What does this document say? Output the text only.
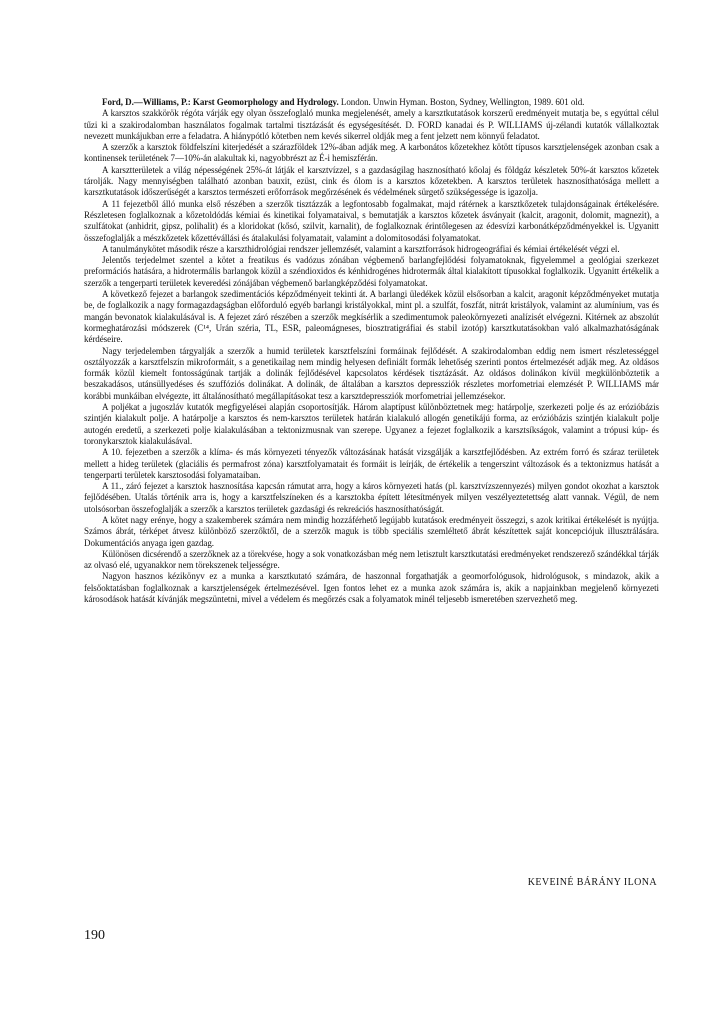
Ford, D.—Williams, P.: Karst Geomorphology and Hydrology. London. Unwin Hyman. Boston, Sydney, Wellington, 1989. 601 old.

A karsztos szakkörök régóta várják egy olyan összefoglaló munka megjelenését, amely a karsztkutatások korszerű eredményeit mutatja be, s egyúttal célul tűzi ki a szakirodalomban használatos fogalmak tartalmi tisztázását és egységesítését. D. FORD kanadai és P. WILLIAMS új-zélandi kutatók vállalkoztak nevezett munkájukban erre a feladatra. A hiánypótló kötetben nem kevés sikerrel oldják meg a fent jelzett nem könnyű feladatot.

A szerzők a karsztok földfelszíni kiterjedését a szárazföldek 12%-ában adják meg. A karbonátos kőzetekhez kötött típusos karsztjelenségek azonban csak a kontinensek területének 7—10%-án alakultak ki, nagyobbrészt az É-i hemiszférán.

A karsztterületek a világ népességének 25%-át látják el karsztvízzel, s a gazdaságilag hasznosítható kőolaj és földgáz készletek 50%-át karsztos kőzetek tárolják. Nagy mennyiségben található azonban bauxit, ezüst, cink és ólom is a karsztos kőzetekben. A karsztos területek hasznosíthatósága mellett a karsztkutatások időszerűségét a karsztos természeti erőforrások megőrzésének és védelmének sürgető szükségessége is igazolja.

A 11 fejezetből álló munka első részében a szerzők tisztázzák a legfontosabb fogalmakat, majd rátérnek a karsztkőzetek tulajdonságainak értékelésére. Részletesen foglalkoznak a kőzetoldódás kémiai és kinetikai folyamataival, s bemutatják a karsztos kőzetek ásványait (kalcit, aragonit, dolomit, magnezit), a szulfátokat (anhidrit, gipsz, polihalit) és a kloridokat (kősó, szilvit, karnalit), de foglalkoznak érintőlegesen az édesvízi karbonátképződményekkel is. Ugyanitt összefoglalják a mészkőzetek kőzettévállási és átalakulási folyamatait, valamint a dolomitosodási folyamatokat.

A tanulmánykötet második része a karszthidrológiai rendszer jellemzését, valamint a karsztforrások hidrogeográfiai és kémiai értékelését végzi el.

Jelentős terjedelmet szentel a kötet a freatikus és vadózus zónában végbemenő barlangfejlődési folyamatoknak, figyelemmel a geológiai szerkezet preformációs hatására, a hidrotermális barlangok közül a széndioxidos és kénhidrogénes hidrotermák által kialakított típusokkal foglalkozik. Ugyanitt értékelik a szerzők a tengerparti területek keveredési zónájában végbemenő barlangképződési folyamatokat.

A következő fejezet a barlangok szedimentációs képződményeit tekinti át. A barlangi üledékek közül elsősorban a kalcit, aragonit képződményeket mutatja be, de foglalkozik a nagy formagazdagságban előforduló egyéb barlangi kristályokkal, mint pl. a szulfát, foszfát, nitrát kristályok, valamint az alumínium, vas és mangán bevonatok kialakulásával is. A fejezet záró részében a szerzők megkísérlik a szedimentumok paleokörnyezeti analízisét elvégezni. Kitérnek az abszolút kormeghatározási módszerek (C¹⁴, Urán széria, TL, ESR, paleomágneses, biosztratigráfiai és stabil izotóp) karsztkutatásokban való alkalmazhatóságának kérdéseire.

Nagy terjedelemben tárgyalják a szerzők a humid területek karsztfelszíni formáinak fejlődését. A szakirodalomban eddig nem ismert részletességgel osztályozzák a karsztfelszín mikroformáit, s a genetikailag nem mindig helyesen definiált formák lehetőség szerinti pontos értelmezését adják meg. Az oldásos formák közül kiemelt fontosságúnak tartják a dolinák fejlődésével kapcsolatos kérdések tisztázását. Az oldásos dolinákon kívül megkülönböztetik a beszakadásos, utánsüllyedéses és szuffóziós dolinákat. A dolinák, de általában a karsztos depressziók részletes morfometriai elemzését P. WILLIAMS már korábbi munkáiban elvégezte, itt általánosítható megállapításokat tesz a karsztdepressziók morfometriai jellemzésekor.

A poljékat a jugoszláv kutatók megfigyelései alapján csoportosítják. Három alaptípust különböztetnek meg: határpolje, szerkezeti polje és az erózióbázis szintjén kialakult polje. A határpolje a karsztos és nem-karsztos területek határán kialakuló allogén genetikájú forma, az erózióbázis szintjén kialakult polje autogén eredetű, a szerkezeti polje kialakulásában a tektonizmusnak van szerepe. Ugyanez a fejezet foglalkozik a karsztsíkságok, valamint a trópusi kúp- és toronykarsztok kialakulásával.

A 10. fejezetben a szerzők a klíma- és más környezeti tényezők változásának hatását vizsgálják a karsztfejlődésben. Az extrém forró és száraz területek mellett a hideg területek (glaciális és permafrost zóna) karsztfolyamatait és formáit is leírják, de értékelik a tengerszint változások és a tektonizmus hatását a tengerparti területek karsztosodási folyamataiban.

A 11., záró fejezet a karsztok hasznosítása kapcsán rámutat arra, hogy a káros környezeti hatás (pl. karsztvízszennyezés) milyen gondot okozhat a karsztok fejlődésében. Utalás történik arra is, hogy a karsztfelszíneken és a karsztokba épített létesítmények milyen veszélyeztetettség alatt vannak. Végül, de nem utolsósorban összefoglalják a szerzők a karsztos területek gazdasági és rekreációs hasznosíthatóságát.

A kötet nagy erénye, hogy a szakemberek számára nem mindig hozzáférhető legújabb kutatások eredményeit összegzi, s azok kritikai értékelését is nyújtja. Számos ábrát, térképet átvesz különböző szerzőktől, de a szerzők maguk is több speciális szemléltető ábrát készítettek saját koncepciójuk illusztrálására. Dokumentációs anyaga igen gazdag.

Különösen dicsérendő a szerzőknek az a törekvése, hogy a sok vonatkozásban még nem letisztult karsztkutatási eredményeket rendszerező szándékkal tárják az olvasó elé, ugyanakkor nem törekszenek teljességre.

Nagyon hasznos kézikönyv ez a munka a karsztkutató számára, de haszonnal forgathatják a geomorfológusok, hidrológusok, s mindazok, akik a felsőoktatásban foglalkoznak a karsztjelenségek értelmezésével. Igen fontos lehet ez a munka azok számára is, akik a napjainkban megjelenő környezeti károsodások hatását kívánják megszüntetni, mivel a védelem és megőrzés csak a folyamatok minél teljesebb ismeretében szervezhető meg.

KEVEINÉ BÁRÁNY ILONA
190
